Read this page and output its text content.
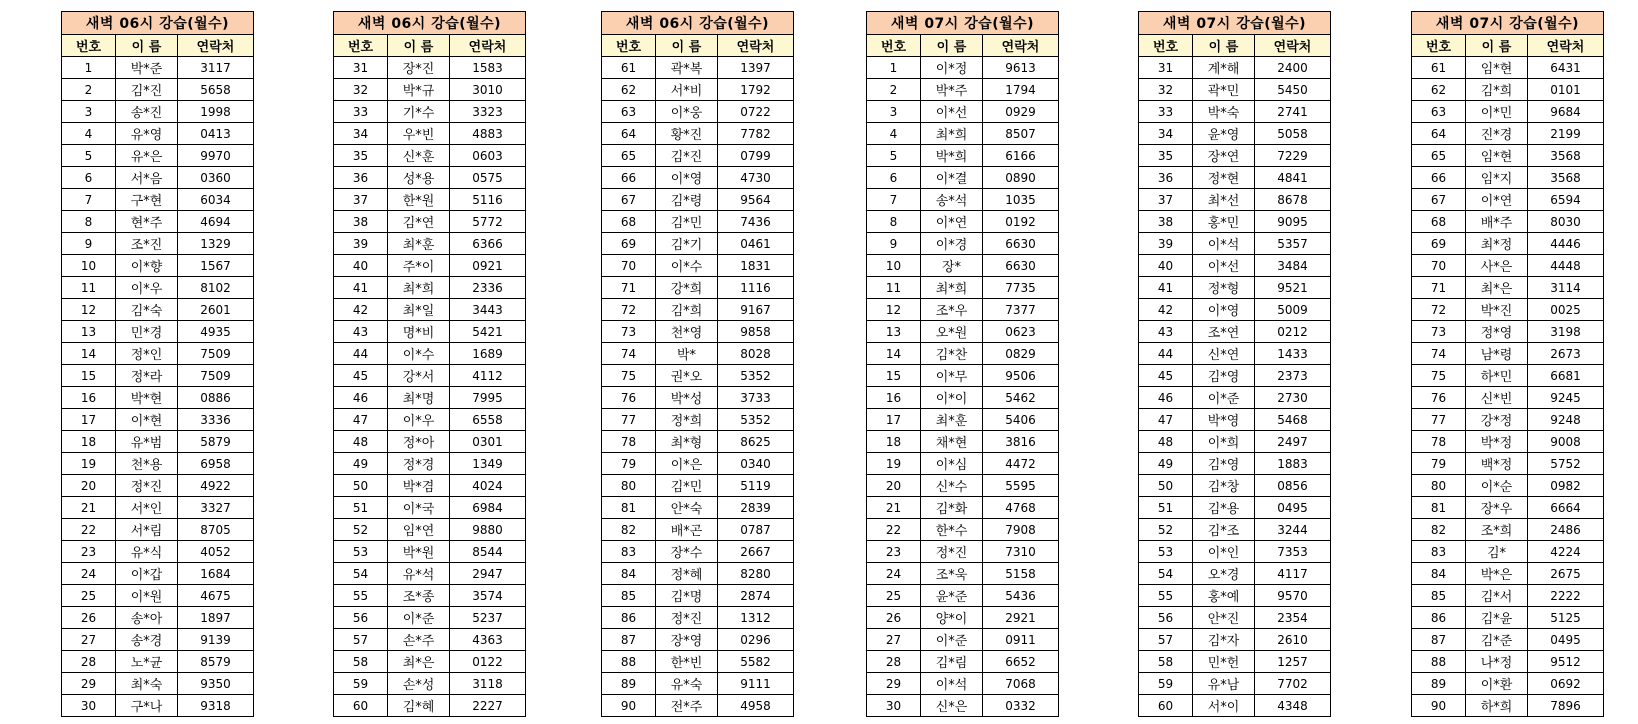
새벽 06시 강습(월수)		
번호	이 름	연락처
1	박*준	3117
2	김*진	5658
3	송*진	1998
4	유*영	0413
5	유*은	9970
6	서*음	0360
7	구*현	6034
8	현*주	4694
9	조*진	1329
10	이*향	1567
11	이*우	8102
12	김*숙	2601
13	민*경	4935
14	정*인	7509
15	정*라	7509
16	박*현	0886
17	이*현	3336
18	유*범	5879
19	천*용	6958
20	정*진	4922
21	서*인	3327
22	서*림	8705
23	유*식	4052
24	이*갑	1684
25	이*원	4675
26	송*아	1897
27	송*경	9139
28	노*균	8579
29	최*숙	9350
30	구*나	9318
새벽 06시 강습(월수)		
번호	이 름	연락처
31	장*진	1583
32	박*규	3010
33	기*수	3323
34	우*빈	4883
35	신*훈	0603
36	성*용	0575
37	한*원	5116
38	김*연	5772
39	최*훈	6366
40	주*이	0921
41	최*희	2336
42	최*일	3443
43	명*비	5421
44	이*수	1689
45	강*서	4112
46	최*명	7995
47	이*우	6558
48	정*아	0301
49	정*경	1349
50	박*겸	4024
51	이*국	6984
52	임*연	9880
53	박*원	8544
54	유*석	2947
55	조*종	3574
56	이*준	5237
57	손*주	4363
58	최*은	0122
59	손*성	3118
60	김*혜	2227
새벽 06시 강습(월수)		
번호	이 름	연락처
61	곽*복	1397
62	서*비	1792
63	이*웅	0722
64	황*진	7782
65	김*진	0799
66	이*영	4730
67	김*령	9564
68	김*민	7436
69	김*기	0461
70	이*수	1831
71	강*희	1116
72	김*희	9167
73	천*영	9858
74	박*	8028
75	권*오	5352
76	박*성	3733
77	정*희	5352
78	최*형	8625
79	이*은	0340
80	김*민	5119
81	안*숙	2839
82	배*곤	0787
83	장*수	2667
84	정*혜	8280
85	김*명	2874
86	정*진	1312
87	장*영	0296
88	한*빈	5582
89	유*숙	9111
90	전*주	4958
새벽 07시 강습(월수)		
번호	이 름	연락처
1	이*정	9613
2	박*주	1794
3	이*선	0929
4	최*희	8507
5	박*희	6166
6	이*결	0890
7	송*석	1035
8	이*연	0192
9	이*경	6630
10	장*	6630
11	최*희	7735
12	조*우	7377
13	오*원	0623
14	김*찬	0829
15	이*무	9506
16	이*이	5462
17	최*훈	5406
18	채*현	3816
19	이*심	4472
20	신*수	5595
21	김*화	4768
22	한*수	7908
23	정*진	7310
24	조*욱	5158
25	윤*준	5436
26	양*이	2921
27	이*준	0911
28	김*림	6652
29	이*석	7068
30	신*은	0332
새벽 07시 강습(월수)		
번호	이 름	연락처
31	계*해	2400
32	곽*민	5450
33	박*숙	2741
34	윤*영	5058
35	장*연	7229
36	정*현	4841
37	최*선	8678
38	홍*민	9095
39	이*석	5357
40	이*선	3484
41	정*형	9521
42	이*영	5009
43	조*연	0212
44	신*연	1433
45	김*영	2373
46	이*준	2730
47	박*영	5468
48	이*희	2497
49	김*영	1883
50	김*창	0856
51	김*용	0495
52	김*조	3244
53	이*인	7353
54	오*경	4117
55	홍*예	9570
56	안*진	2354
57	김*자	2610
58	민*헌	1257
59	유*남	7702
60	서*이	4348
새벽 07시 강습(월수)		
번호	이 름	연락처
61	임*현	6431
62	김*희	0101
63	이*민	9684
64	진*경	2199
65	임*현	3568
66	임*지	3568
67	이*연	6594
68	배*주	8030
69	최*정	4446
70	사*은	4448
71	최*은	3114
72	박*진	0025
73	정*영	3198
74	남*령	2673
75	하*민	6681
76	신*빈	9245
77	강*정	9248
78	박*정	9008
79	백*정	5752
80	이*순	0982
81	장*우	6664
82	조*희	2486
83	김*	4224
84	박*은	2675
85	김*서	2222
86	김*윤	5125
87	김*준	0495
88	나*정	9512
89	이*환	0692
90	하*희	7896
